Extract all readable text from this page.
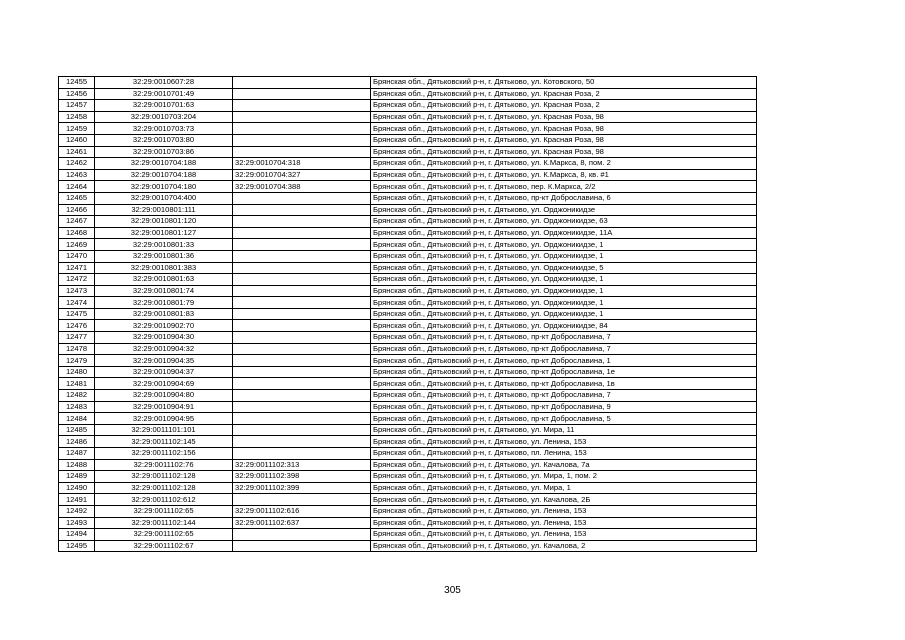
12455	32:29:0010607:28		Брянская обл., Дятьковский р-н, г. Дятьково, ул. Котовского, 50
12456	32:29:0010701:49		Брянская обл., Дятьковский р-н, г. Дятьково, ул. Красная Роза, 2
12457	32:29:0010701:63		Брянская обл., Дятьковский р-н, г. Дятьково, ул. Красная Роза, 2
12458	32:29:0010703:204		Брянская обл., Дятьковский р-н, г. Дятьково, ул. Красная Роза, 98
12459	32:29:0010703:73		Брянская обл., Дятьковский р-н, г. Дятьково, ул. Красная Роза, 98
12460	32:29:0010703:80		Брянская обл., Дятьковский р-н, г. Дятьково, ул. Красная Роза, 98
12461	32:29:0010703:86		Брянская обл., Дятьковский р-н, г. Дятьково, ул. Красная Роза, 98
12462	32:29:0010704:188	32:29:0010704:318	Брянская обл., Дятьковский р-н, г. Дятьково, ул. К.Маркса, 8, пом. 2
12463	32:29:0010704:188	32:29:0010704:327	Брянская обл., Дятьковский р-н, г. Дятьково, ул. К.Маркса, 8, кв. #1
12464	32:29:0010704:180	32:29:0010704:388	Брянская обл., Дятьковский р-н, г. Дятьково, пер. К.Маркса, 2/2
12465	32:29:0010704:400		Брянская обл., Дятьковский р-н, г. Дятьково, пр-кт Доброславина, 6
12466	32:29:0010801:111		Брянская обл., Дятьковский р-н, г. Дятьково, ул. Орджоникидзе
12467	32:29:0010801:120		Брянская обл., Дятьковский р-н, г. Дятьково, ул. Орджоникидзе, 63
12468	32:29:0010801:127		Брянская обл., Дятьковский р-н, г. Дятьково, ул. Орджоникидзе, 11А
12469	32:29:0010801:33		Брянская обл., Дятьковский р-н, г. Дятьково, ул. Орджоникидзе, 1
12470	32:29:0010801:36		Брянская обл., Дятьковский р-н, г. Дятьково, ул. Орджоникидзе, 1
12471	32:29:0010801:383		Брянская обл., Дятьковский р-н, г. Дятьково, ул. Орджоникидзе, 5
12472	32:29:0010801:63		Брянская обл., Дятьковский р-н, г. Дятьково, ул. Орджоникидзе, 1
12473	32:29:0010801:74		Брянская обл., Дятьковский р-н, г. Дятьково, ул. Орджоникидзе, 1
12474	32:29:0010801:79		Брянская обл., Дятьковский р-н, г. Дятьково, ул. Орджоникидзе, 1
12475	32:29:0010801:83		Брянская обл., Дятьковский р-н, г. Дятьково, ул. Орджоникидзе, 1
12476	32:29:0010902:70		Брянская обл., Дятьковский р-н, г. Дятьково, ул. Орджоникидзе, 84
12477	32:29:0010904:30		Брянская обл., Дятьковский р-н, г. Дятьково, пр-кт Доброславина, 7
12478	32:29:0010904:32		Брянская обл., Дятьковский р-н, г. Дятьково, пр-кт Доброславина, 7
12479	32:29:0010904:35		Брянская обл., Дятьковский р-н, г. Дятьково, пр-кт Доброславина, 1
12480	32:29:0010904:37		Брянская обл., Дятьковский р-н, г. Дятьково, пр-кт Доброславина, 1е
12481	32:29:0010904:69		Брянская обл., Дятьковский р-н, г. Дятьково, пр-кт Доброславина, 1в
12482	32:29:0010904:80		Брянская обл., Дятьковский р-н, г. Дятьково, пр-кт Доброславина, 7
12483	32:29:0010904:91		Брянская обл., Дятьковский р-н, г. Дятьково, пр-кт Доброславина, 9
12484	32:29:0010904:95		Брянская обл., Дятьковский р-н, г. Дятьково, пр-кт Доброславина, 5
12485	32:29:0011101:101		Брянская обл., Дятьковский р-н, г. Дятьково, ул. Мира, 11
12486	32:29:0011102:145		Брянская обл., Дятьковский р-н, г. Дятьково, ул. Ленина, 153
12487	32:29:0011102:156		Брянская обл., Дятьковский р-н, г. Дятьково, пл. Ленина, 153
12488	32:29:0011102:76	32:29:0011102:313	Брянская обл., Дятьковский р-н, г. Дятьково, ул. Качалова, 7а
12489	32:29:0011102:128	32:29:0011102:398	Брянская обл., Дятьковский р-н, г. Дятьково, ул. Мира, 1, пом. 2
12490	32:29:0011102:128	32:29:0011102:399	Брянская обл., Дятьковский р-н, г. Дятьково, ул. Мира, 1
12491	32:29:0011102:612		Брянская обл., Дятьковский р-н, г. Дятьково, ул. Качалова, 2Б
12492	32:29:0011102:65	32:29:0011102:616	Брянская обл., Дятьковский р-н, г. Дятьково, ул. Ленина, 153
12493	32:29:0011102:144	32:29:0011102:637	Брянская обл., Дятьковский р-н, г. Дятьково, ул. Ленина, 153
12494	32:29:0011102:65		Брянская обл., Дятьковский р-н, г. Дятьково, ул. Ленина, 153
12495	32:29:0011102:67		Брянская обл., Дятьковский р-н, г. Дятьково, ул. Качалова, 2
305
